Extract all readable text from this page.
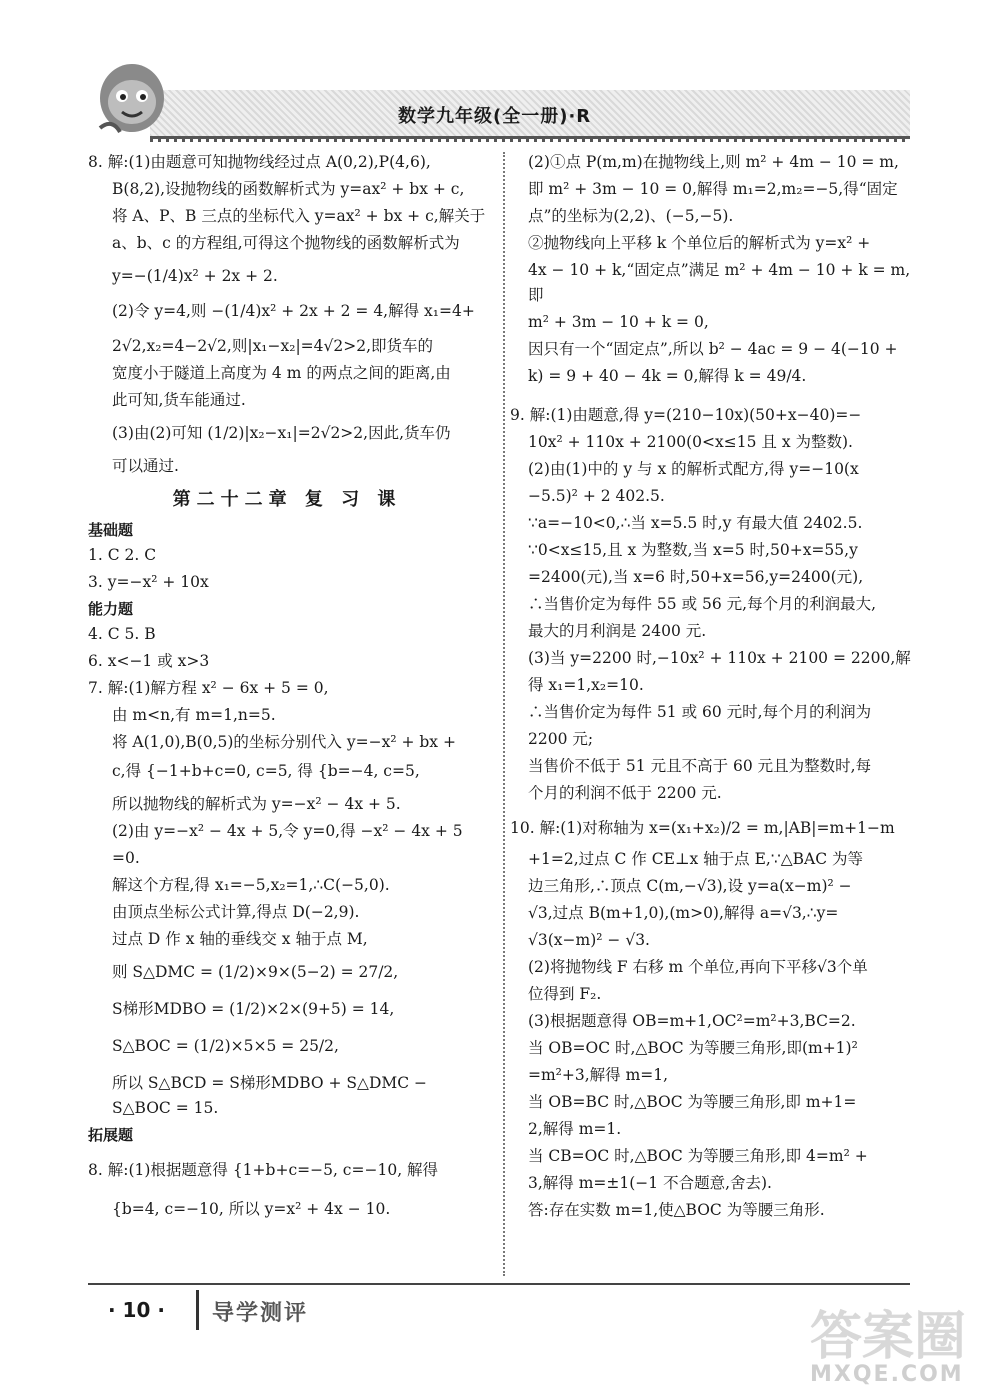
数学九年级(全一册)·R
8. 解:(1)由题意可知抛物线经过点 A(0,2),P(4,6),
B(8,2),设抛物线的函数解析式为 y=ax² + bx + c,
将 A、P、B 三点的坐标代入 y=ax² + bx + c,解关于
a、b、c 的方程组,可得这个抛物线的函数解析式为
y=−(1/4)x² + 2x + 2.
(2)令 y=4,则 −(1/4)x² + 2x + 2 = 4,解得 x₁=4+
2√2,x₂=4−2√2,则|x₁−x₂|=4√2>2,即货车的
宽度小于隧道上高度为 4 m 的两点之间的距离,由
此可知,货车能通过.
(3)由(2)可知 (1/2)|x₂−x₁|=2√2>2,因此,货车仍
可以通过.
第二十二章 复 习 课
基础题
1. C 2. C
3. y=−x² + 10x
能力题
4. C 5. B
6. x<−1 或 x>3
7. 解:(1)解方程 x² − 6x + 5 = 0,
由 m<n,有 m=1,n=5.
将 A(1,0),B(0,5)的坐标分别代入 y=−x² + bx +
c,得 {−1+b+c=0, c=5, 得 {b=−4, c=5,
所以抛物线的解析式为 y=−x² − 4x + 5.
(2)由 y=−x² − 4x + 5,令 y=0,得 −x² − 4x + 5
=0.
解这个方程,得 x₁=−5,x₂=1,∴C(−5,0).
由顶点坐标公式计算,得点 D(−2,9).
过点 D 作 x 轴的垂线交 x 轴于点 M,
则 S△DMC = (1/2)×9×(5−2) = 27/2,
S梯形MDBO = (1/2)×2×(9+5) = 14,
S△BOC = (1/2)×5×5 = 25/2,
所以 S△BCD = S梯形MDBO + S△DMC − S△BOC = 15.
拓展题
8. 解:(1)根据题意得 {1+b+c=−5, c=−10, 解得
{b=4, c=−10, 所以 y=x² + 4x − 10.
(2)①点 P(m,m)在抛物线上,则 m² + 4m − 10 = m,
即 m² + 3m − 10 = 0,解得 m₁=2,m₂=−5,得“固定
点”的坐标为(2,2)、(−5,−5).
②抛物线向上平移 k 个单位后的解析式为 y=x² +
4x − 10 + k,“固定点”满足 m² + 4m − 10 + k = m,即
m² + 3m − 10 + k = 0,
因只有一个“固定点”,所以 b² − 4ac = 9 − 4(−10 +
k) = 9 + 40 − 4k = 0,解得 k = 49/4.
9. 解:(1)由题意,得 y=(210−10x)(50+x−40)=−
10x² + 110x + 2100(0<x≤15 且 x 为整数).
(2)由(1)中的 y 与 x 的解析式配方,得 y=−10(x
−5.5)² + 2 402.5.
∵a=−10<0,∴当 x=5.5 时,y 有最大值 2402.5.
∵0<x≤15,且 x 为整数,当 x=5 时,50+x=55,y
=2400(元),当 x=6 时,50+x=56,y=2400(元),
∴当售价定为每件 55 或 56 元,每个月的利润最大,
最大的月利润是 2400 元.
(3)当 y=2200 时,−10x² + 110x + 2100 = 2200,解
得 x₁=1,x₂=10.
∴当售价定为每件 51 或 60 元时,每个月的利润为
2200 元;
当售价不低于 51 元且不高于 60 元且为整数时,每
个月的利润不低于 2200 元.
10. 解:(1)对称轴为 x=(x₁+x₂)/2 = m,|AB|=m+1−m
+1=2,过点 C 作 CE⊥x 轴于点 E,∵△BAC 为等
边三角形,∴顶点 C(m,−√3),设 y=a(x−m)² −
√3,过点 B(m+1,0),(m>0),解得 a=√3,∴y=
√3(x−m)² − √3.
(2)将抛物线 F 右移 m 个单位,再向下平移√3个单
位得到 F₂.
(3)根据题意得 OB=m+1,OC²=m²+3,BC=2.
当 OB=OC 时,△BOC 为等腰三角形,即(m+1)²
=m²+3,解得 m=1,
当 OB=BC 时,△BOC 为等腰三角形,即 m+1=
2,解得 m=1.
当 CB=OC 时,△BOC 为等腰三角形,即 4=m² +
3,解得 m=±1(−1 不合题意,舍去).
答:存在实数 m=1,使△BOC 为等腰三角形.
· 10 · 导学测评	答案圈
MXQE.COM
